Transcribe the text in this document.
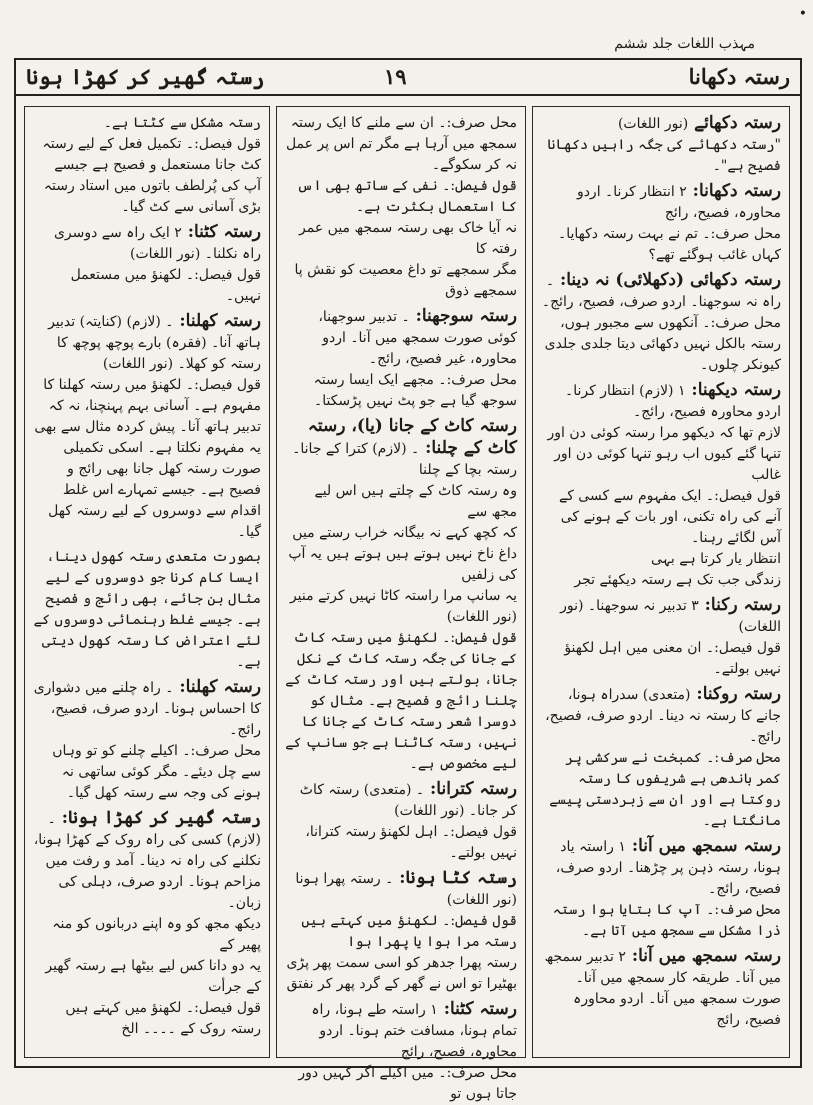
•
مہذب اللغات جلد ششم
رستہ گھیر کر کھڑا ہونا	۱۹	رستہ دکھانا

رستہ دکھائے (نور اللغات)
"رستہ دکھائے کی جگہ راہیں دکھانا فصیح ہے"۔

رستہ دکھانا: ۲ انتظار کرنا۔ اردو محاورہ، فصیح، رائج
محل صرف:۔ تم نے بہت رستہ دکھایا۔ کہاں غائب ہوگئے تھے؟

رستہ دکھائی (دکھلائی) نہ دینا: ۔ راہ نہ سوجھنا۔ اردو صرف، فصیح، رائج۔
محل صرف:۔ آنکھوں سے مجبور ہوں، رستہ بالکل نہیں دکھائی دیتا جلدی جلدی کیونکر چلوں۔

رستہ دیکھنا: ۱ (لازم) انتظار کرنا۔ اردو محاورہ فصیح، رائج۔
لازم تھا کہ دیکھو مرا رستہ کوئی دن اور
تنہا گئے کیوں اب رہو تنہا کوئی دن اور غالب
قول فیصل:۔ ایک مفہوم سے کسی کے آنے کی راہ تکنی، اور بات کے ہونے کی آس لگائے رہنا۔
انتظار یار کرتا ہے بہی
زندگی جب تک ہے رستہ دیکھئے تجر

رستہ رکنا: ۳ تدبیر نہ سوجھنا۔ (نور اللغات)
قول فیصل:۔ ان معنی میں اہل لکھنؤ نہیں بولتے۔

رستہ روکنا: (متعدی) سدراہ ہونا، جانے کا رستہ نہ دینا۔ اردو صرف، فصیح، رائج۔
محل صرف:۔ کمبخت نے سرکشی پر کمر باندھی ہے شریفوں کا رستہ روکتا ہے اور ان سے زبردستی پیسے مانگتا ہے۔

رستہ سمجھ میں آنا: ۱ راستہ یاد ہونا، رستہ ذہن پر چڑھنا۔ اردو صرف، فصیح، رائج۔
محل صرف:۔ آپ کا بتایا ہوا رستہ ذرا مشکل سے سمجھ میں آتا ہے۔

رستہ سمجھ میں آنا: ۲ تدبیر سمجھ میں آنا۔ طریقہ کار سمجھ میں آنا۔ صورت سمجھ میں آنا۔ اردو محاورہ فصیح، رائج

محل صرف:۔ ان سے ملنے کا ایک رستہ سمجھ میں آرہا ہے مگر تم اس پر عمل نہ کر سکوگے۔
قول فیصل:۔ نفی کے ساتھ بھی اس کا استعمال بکثرت ہے۔
نہ آیا خاک بھی رستہ سمجھ میں عمر رفتہ کا
مگر سمجھے تو داغ معصیت کو نقش پا سمجھے ذوق

رستہ سوجھنا: ۔ تدبیر سوجھنا، کوئی صورت سمجھ میں آنا۔ اردو محاورہ، غیر فصیح، رائج۔
محل صرف:۔ مجھے ایک ایسا رستہ سوجھ گیا ہے جو پٹ نہیں پڑسکتا۔

رستہ کاٹ کے جانا (یا)، رستہ کاٹ کے چلنا: ۔ (لازم) کترا کے جانا۔ رستہ بچا کے چلنا
وہ رستہ کاٹ کے چلتے ہیں اس لیے مجھ سے
کہ کچھ کہے نہ بیگانہ خراب رستے میں
داغ ناخ نہیں ہوتے ہیں ہوتے ہیں یہ آپ کی زلفیں
یہ سانپ مرا راستہ کاٹا نہیں کرتے منیر
(نور اللغات)
قول فیصل:۔ لکھنؤ میں رستہ کاٹ کے جانا کی جگہ رستہ کاٹ کے نکل جانا، بولتے ہیں اور رستہ کاٹ کے چلنا رائج و فصیح ہے۔ مثال کو دوسرا شعر رستہ کاٹ کے جانا کا نہیں، رستہ کاٹنا ہے جو سانپ کے لیے مخصوص ہے۔

رستہ کترانا: ۔ (متعدی) رستہ کاٹ کر جانا۔ (نور اللغات)
قول فیصل:۔ اہل لکھنؤ رستہ کترانا، نہیں بولتے۔

رستہ کٹا ہونا: ۔ رستہ پھرا ہونا (نور اللغات)
قول فیصل:۔ لکھنؤ میں کہتے ہیں رستہ مرا ہوا یا پھرا ہوا
رستہ پھرا جدھر کو اسی سمت پھر پڑی
بھٹیرا تو اس نے گھر کے گرد پھر کر نفتق

رستہ کٹنا: ۱ راستہ طے ہونا، راہ تمام ہونا، مسافت ختم ہونا۔ اردو محاورہ، فصیح، رائج
محل صرف:۔ میں اکیلے اگر کہیں دور جاتا ہوں تو

رستہ مشکل سے کٹتا ہے۔
قول فیصل:۔ تکمیل فعل کے لیے رستہ کٹ جانا مستعمل و فصیح ہے جیسے آپ کی پُرلطف باتوں میں استاد رستہ بڑی آسانی سے کٹ گیا۔

رستہ کٹنا: ۲ ایک راہ سے دوسری راہ نکلنا۔ (نور اللغات)
قول فیصل:۔ لکھنؤ میں مستعمل نہیں۔

رستہ کھلنا: ۔ (لازم) (کنایتہ) تدبیر ہاتھ آنا۔ (فقرہ) بارے پوچھ پوچھ کا رستہ کو کھلا۔ (نور اللغات)
قول فیصل:۔ لکھنؤ میں رستہ کھلنا کا مفہوم ہے۔ آسانی بہم پہنچنا، نہ کہ تدبیر ہاتھ آنا۔ پیش کردہ مثال سے بھی یہ مفہوم نکلتا ہے۔ اسکی تکمیلی صورت رستہ کھل جانا بھی رائج و فصیح ہے۔ جیسے تمہارے اس غلط اقدام سے دوسروں کے لیے رستہ کھل گیا۔

بصورت متعدی رستہ کھول دینا، ایسا کام کرنا جو دوسروں کے لیے مثال بن جائے، بھی رائج و فصیح ہے۔ جیسے غلط رہنمائی دوسروں کے لئے اعتراض کا رستہ کھول دیتی ہے۔

رستہ کھلنا: ۔ راہ چلنے میں دشواری کا احساس ہونا۔ اردو صرف، فصیح، رائج۔
محل صرف:۔ اکیلے چلنے کو تو وہاں سے چل دیئے۔ مگر کوئی ساتھی نہ ہونے کی وجہ سے رستہ کھل گیا۔

رستہ گھیر کر کھڑا ہونا: ۔ (لازم) کسی کی راہ روک کے کھڑا ہونا، نکلنے کی راہ نہ دینا۔ آمد و رفت میں مزاحم ہونا۔ اردو صرف، دہلی کی زبان۔
دیکھ مجھ کو وہ اپنے دربانوں کو منہ پھیر کے
یہ دو دانا کس لیے بیٹھا ہے رستہ گھیر کے جرأت
قول فیصل:۔ لکھنؤ میں کہتے ہیں رستہ روک کے ۔۔۔۔ الخ
